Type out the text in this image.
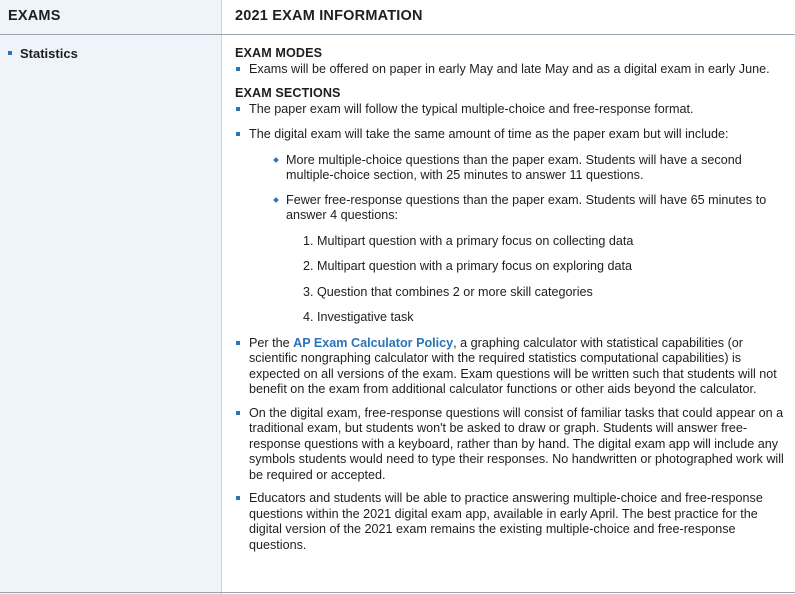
EXAMS	2021 EXAM INFORMATION
Statistics	EXAM MODES
Exams will be offered on paper in early May and late May and as a digital exam in early June.
EXAM SECTIONS
The paper exam will follow the typical multiple-choice and free-response format.
The digital exam will take the same amount of time as the paper exam but will include:
More multiple-choice questions than the paper exam. Students will have a second multiple-choice section, with 25 minutes to answer 11 questions.
Fewer free-response questions than the paper exam. Students will have 65 minutes to answer 4 questions:
1. Multipart question with a primary focus on collecting data
2. Multipart question with a primary focus on exploring data
3. Question that combines 2 or more skill categories
4. Investigative task
Per the AP Exam Calculator Policy, a graphing calculator with statistical capabilities (or scientific nongraphing calculator with the required statistics computational capabilities) is expected on all versions of the exam. Exam questions will be written such that students will not benefit on the exam from additional calculator functions or other aids beyond the calculator.
On the digital exam, free-response questions will consist of familiar tasks that could appear on a traditional exam, but students won't be asked to draw or graph. Students will answer free-response questions with a keyboard, rather than by hand. The digital exam app will include any symbols students would need to type their responses. No handwritten or photographed work will be required or accepted.
Educators and students will be able to practice answering multiple-choice and free-response questions within the 2021 digital exam app, available in early April. The best practice for the digital version of the 2021 exam remains the existing multiple-choice and free-response questions.
